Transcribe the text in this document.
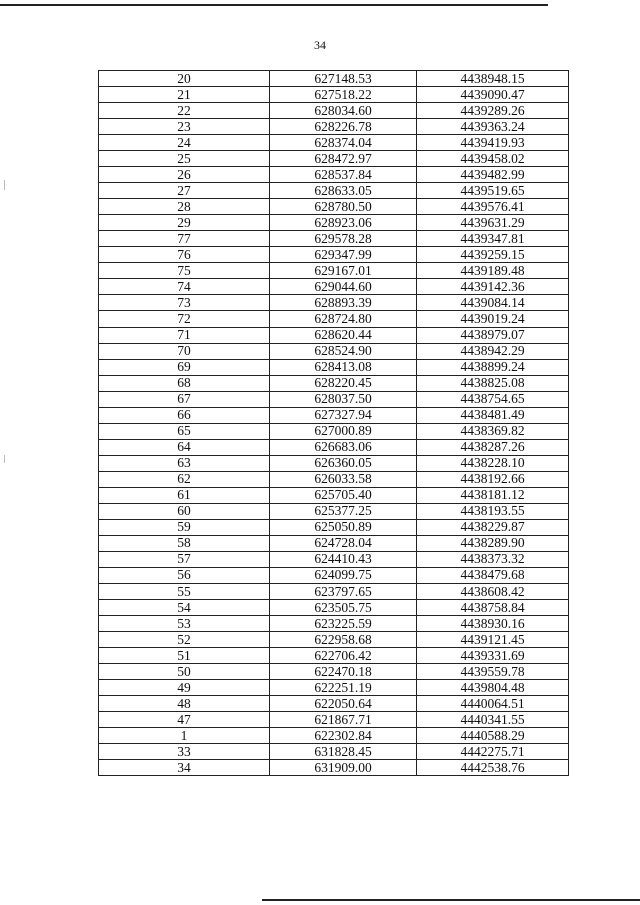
34
20	627148.53	4438948.15
21	627518.22	4439090.47
22	628034.60	4439289.26
23	628226.78	4439363.24
24	628374.04	4439419.93
25	628472.97	4439458.02
26	628537.84	4439482.99
27	628633.05	4439519.65
28	628780.50	4439576.41
29	628923.06	4439631.29
77	629578.28	4439347.81
76	629347.99	4439259.15
75	629167.01	4439189.48
74	629044.60	4439142.36
73	628893.39	4439084.14
72	628724.80	4439019.24
71	628620.44	4438979.07
70	628524.90	4438942.29
69	628413.08	4438899.24
68	628220.45	4438825.08
67	628037.50	4438754.65
66	627327.94	4438481.49
65	627000.89	4438369.82
64	626683.06	4438287.26
63	626360.05	4438228.10
62	626033.58	4438192.66
61	625705.40	4438181.12
60	625377.25	4438193.55
59	625050.89	4438229.87
58	624728.04	4438289.90
57	624410.43	4438373.32
56	624099.75	4438479.68
55	623797.65	4438608.42
54	623505.75	4438758.84
53	623225.59	4438930.16
52	622958.68	4439121.45
51	622706.42	4439331.69
50	622470.18	4439559.78
49	622251.19	4439804.48
48	622050.64	4440064.51
47	621867.71	4440341.55
1	622302.84	4440588.29
33	631828.45	4442275.71
34	631909.00	4442538.76
